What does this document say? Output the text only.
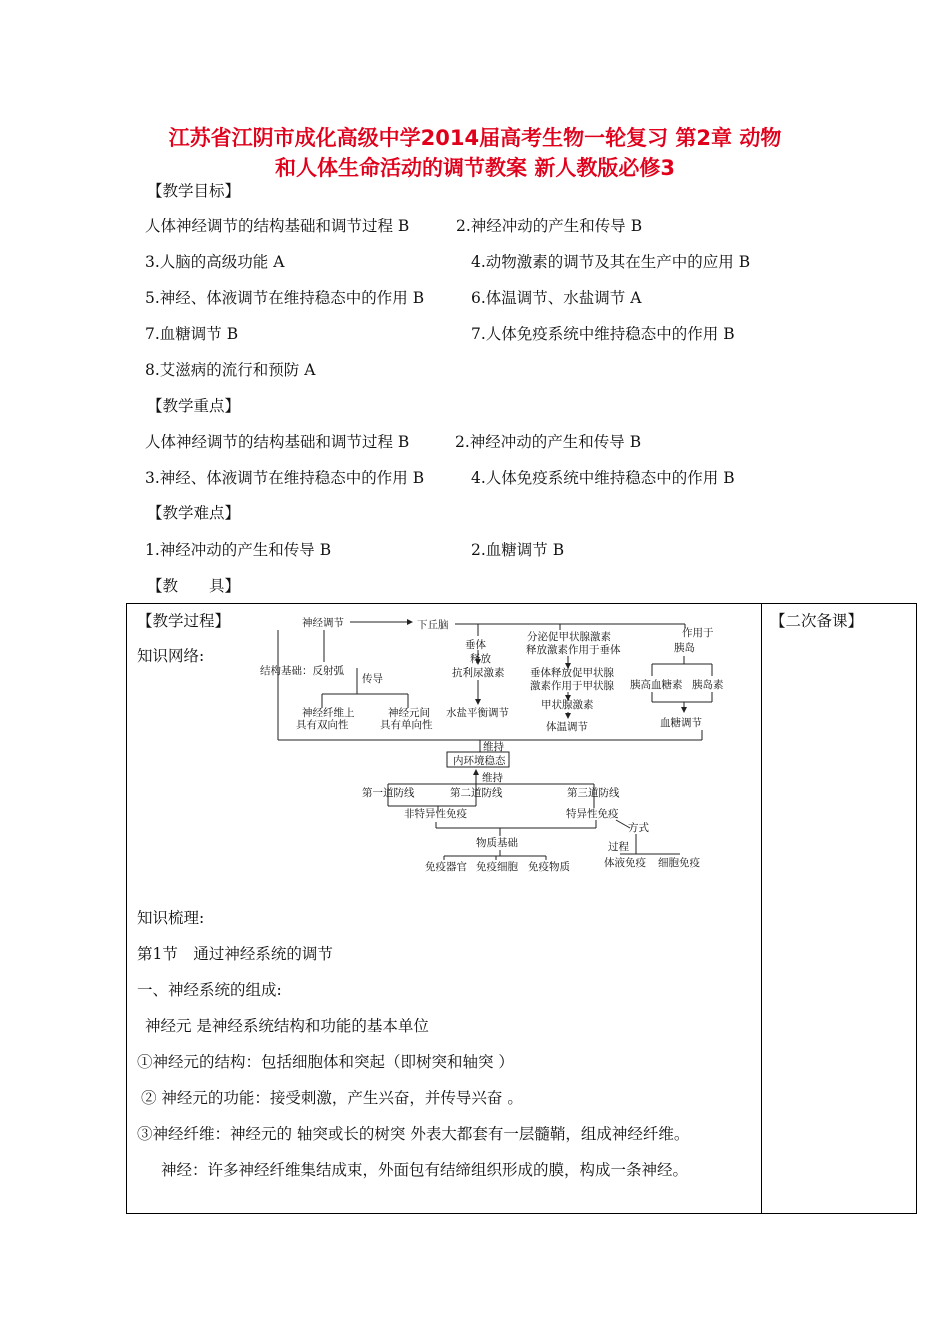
江苏省江阴市成化高级中学2014届高考生物一轮复习 第2章 动物
和人体生命活动的调节教案 新人教版必修3
【教学目标】
人体神经调节的结构基础和调节过程 B	2.神经冲动的产生和传导 B
3.人脑的高级功能 A	4.动物激素的调节及其在生产中的应用 B
5.神经、体液调节在维持稳态中的作用 B	6.体温调节、水盐调节 A
7.血糖调节 B	7.人体免疫系统中维持稳态中的作用 B
8.艾滋病的流行和预防 A
【教学重点】
人体神经调节的结构基础和调节过程 B	2.神经冲动的产生和传导 B
3.神经、体液调节在维持稳态中的作用 B	4.人体免疫系统中维持稳态中的作用 B
【教学难点】
1.神经冲动的产生和传导 B	2.血糖调节 B
【教　　具】
【教学过程】
知识网络:
【二次备课】
神经调节	下丘脑
结构基础：反射弧
传导
神经纤维上
具有双向性
神经元间
具有单向性
垂体
释放
抗利尿激素
水盐平衡调节
分泌促甲状腺激素
释放激素作用于垂体
垂体释放促甲状腺
激素作用于甲状腺
甲状腺激素
体温调节
作用于
胰岛
胰高血糖素 胰岛素
血糖调节
维持
内环境稳态
维持
第一道防线	第二道防线	第三道防线
非特异性免疫	特异性免疫
方式
物质基础
免疫器官 免疫细胞 免疫物质
过程
体液免疫 细胞免疫
知识梳理:
第1节　通过神经系统的调节
一、神经系统的组成:
神经元 是神经系统结构和功能的基本单位
①神经元的结构：包括细胞体和突起（即树突和轴突 ）
② 神经元的功能：接受刺激，产生兴奋，并传导兴奋 。
③神经纤维：神经元的 轴突或长的树突 外表大都套有一层髓鞘，组成神经纤维。
神经：许多神经纤维集结成束，外面包有结缔组织形成的膜，构成一条神经。
